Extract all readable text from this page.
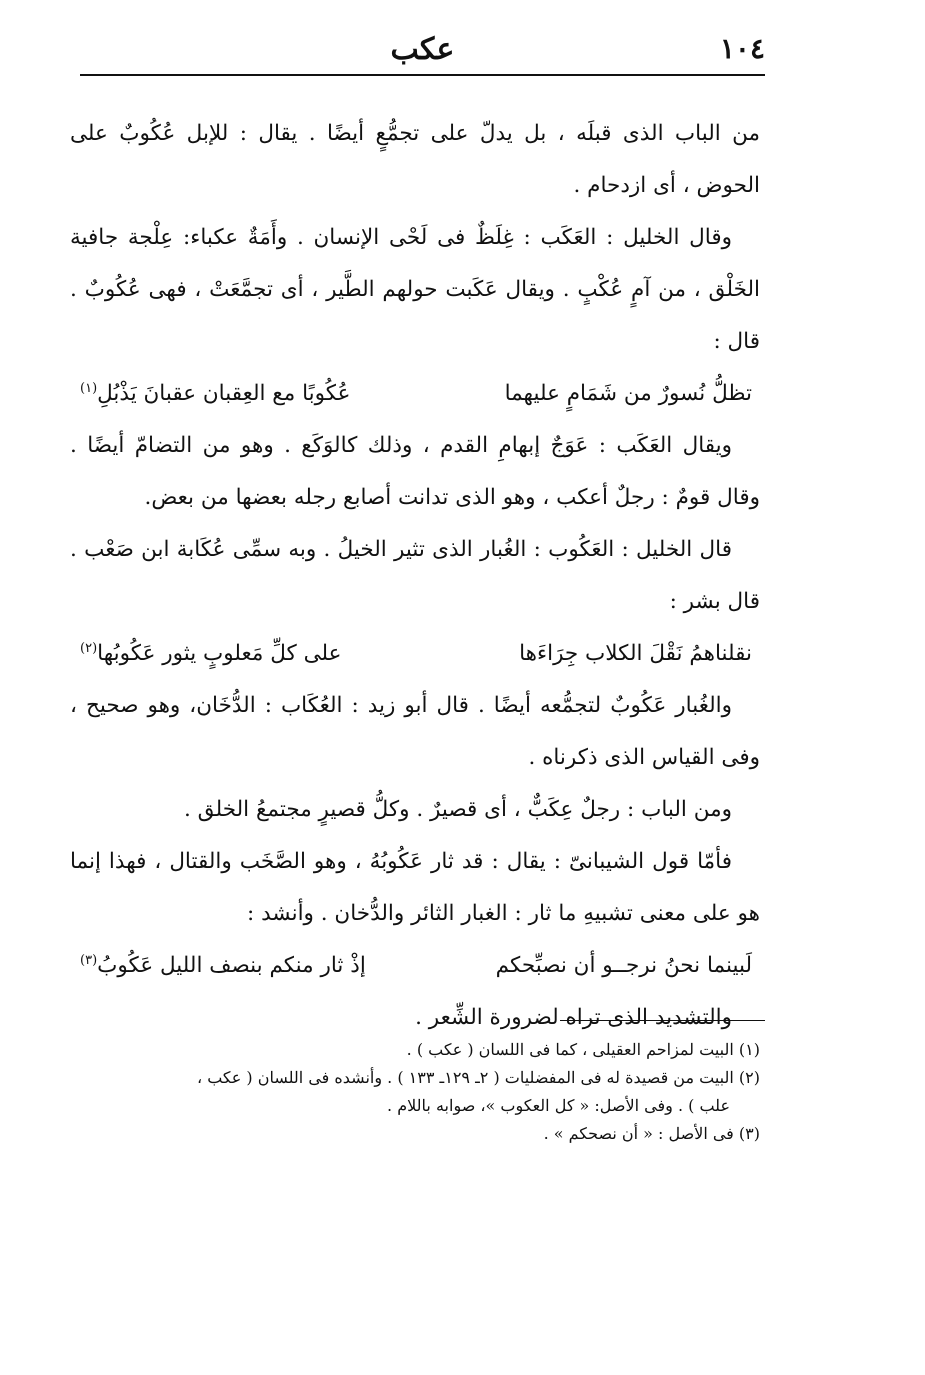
١٠٤
عكب

من الباب الذى قبلَه ، بل يدلّ على تجمُّعٍ أيضًا . يقال : للإبل عُكُوبٌ على الحوض ، أى ازدحام .

وقال الخليل : العَكَب : غِلَظٌ فى لَحْى الإنسان . وأَمَةٌ عكباء: عِلْجة جافية الخَلْق ، من آمٍ عُكْبٍ . ويقال عَكَبت حولهم الطَّير ، أى تجمَّعَتْ ، فهى عُكُوبٌ . قال :

تظلُّ نُسورٌ من شَمَامٍ عليهما
عُكُوبًا مع العِقبان عقبانَ يَذْبُلِ$^{(١)}$

ويقال العَكَب : عَوَجٌ إبهامِ القدم ، وذلك كالوَكَع . وهو من التضامّ أيضًا . وقال قومٌ : رجلٌ أعكب ، وهو الذى تدانت أصابع رجله بعضها من بعض.

قال الخليل : العَكُوب : الغُبار الذى تثير الخيلُ . وبه سمِّى عُكَابة ابن صَعْب . قال بشر :

نقلناهمُ نَقْلَ الكلاب جِرَاءَها
على كلِّ مَعلوبٍ يثور عَكُوبُها$^{(٢)}$

والغُبار عَكُوبٌ لتجمُّعه أيضًا . قال أبو زيد : العُكَاب : الدُّخَان، وهو صحيح ، وفى القياس الذى ذكرناه .

ومن الباب : رجلٌ عِكَبٌّ ، أى قصيرٌ . وكلُّ قصيرٍ مجتمعُ الخلق .

فأمّا قول الشيبانىّ : يقال : قد ثار عَكُوبُهُ ، وهو الصَّخَب والقتال ، فهذا إنما هو على معنى تشبيهِ ما ثار : الغبار الثائر والدُّخان . وأنشد :

لَبينما نحنُ نرجــو أن نصبِّحكم
إذْ ثار منكم بنصف الليل عَكُوبُ$^{(٣)}$

والتشديد الذى تراه لضرورة الشِّعر .

(١) البيت لمزاحم العقيلى ، كما فى اللسان ( عكب ) .

(٢) البيت من قصيدة له فى المفضليات ( ٢ـ ١٢٩ـ ١٣٣ ) . وأنشده فى اللسان ( عكب ،

علب ) . وفى الأصل: « كل العكوب »، صوابه باللام .

(٣) فى الأصل : « أن نصحكم » .
